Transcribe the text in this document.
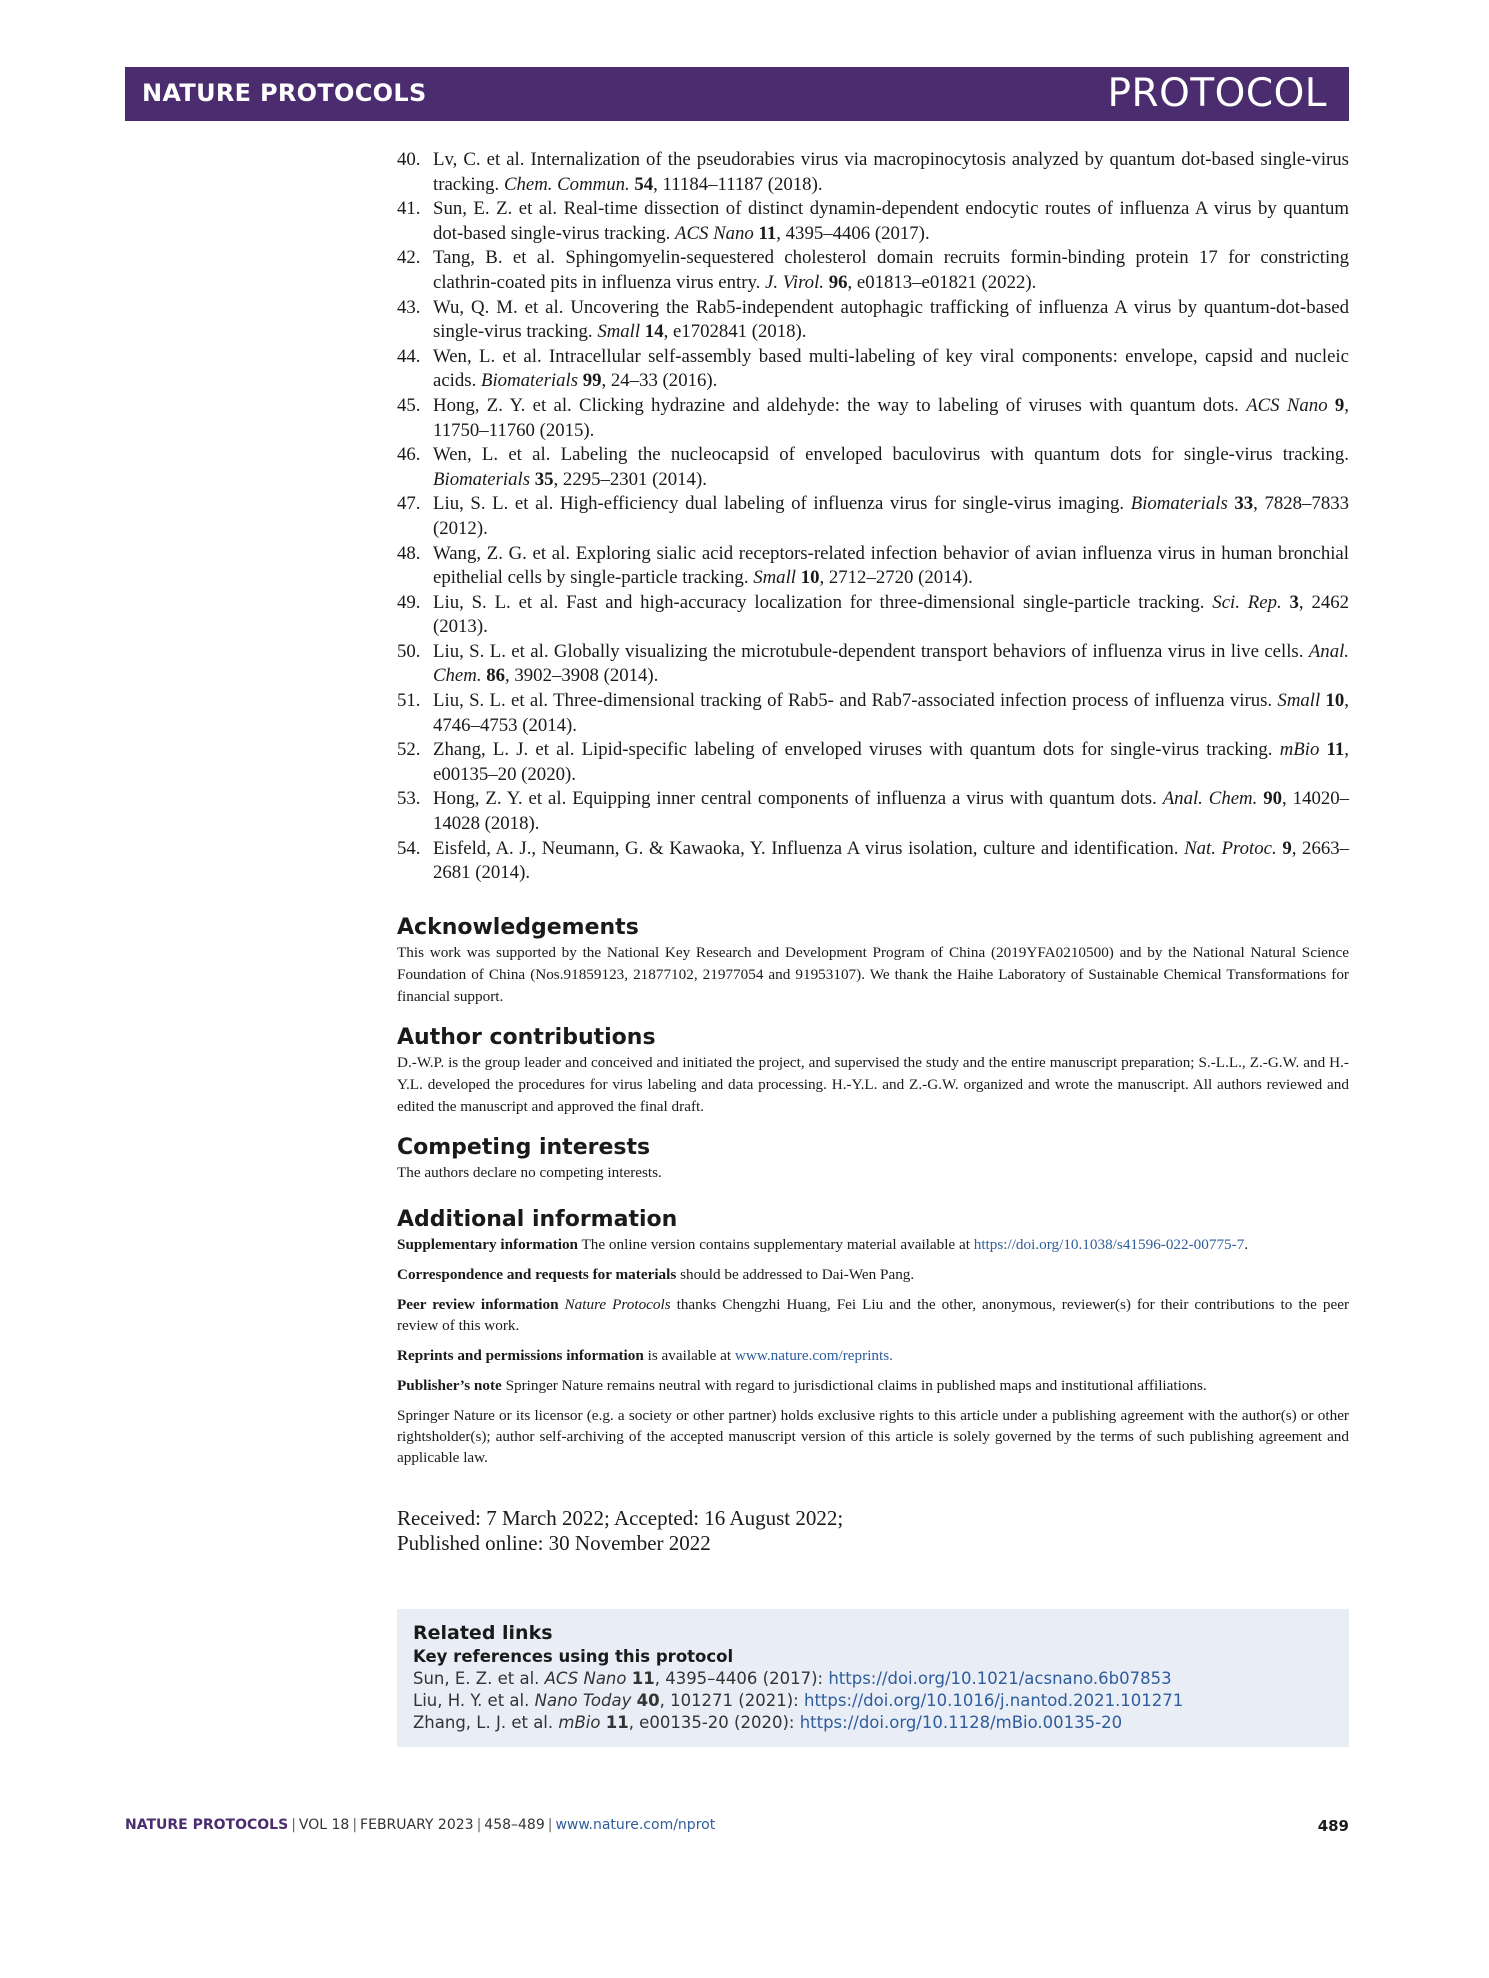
NATURE PROTOCOLS	PROTOCOL
40. Lv, C. et al. Internalization of the pseudorabies virus via macropinocytosis analyzed by quantum dot-based single-virus tracking. Chem. Commun. 54, 11184–11187 (2018).
41. Sun, E. Z. et al. Real-time dissection of distinct dynamin-dependent endocytic routes of influenza A virus by quantum dot-based single-virus tracking. ACS Nano 11, 4395–4406 (2017).
42. Tang, B. et al. Sphingomyelin-sequestered cholesterol domain recruits formin-binding protein 17 for constricting clathrin-coated pits in influenza virus entry. J. Virol. 96, e01813–e01821 (2022).
43. Wu, Q. M. et al. Uncovering the Rab5-independent autophagic trafficking of influenza A virus by quantum-dot-based single-virus tracking. Small 14, e1702841 (2018).
44. Wen, L. et al. Intracellular self-assembly based multi-labeling of key viral components: envelope, capsid and nucleic acids. Biomaterials 99, 24–33 (2016).
45. Hong, Z. Y. et al. Clicking hydrazine and aldehyde: the way to labeling of viruses with quantum dots. ACS Nano 9, 11750–11760 (2015).
46. Wen, L. et al. Labeling the nucleocapsid of enveloped baculovirus with quantum dots for single-virus tracking. Biomaterials 35, 2295–2301 (2014).
47. Liu, S. L. et al. High-efficiency dual labeling of influenza virus for single-virus imaging. Biomaterials 33, 7828–7833 (2012).
48. Wang, Z. G. et al. Exploring sialic acid receptors-related infection behavior of avian influenza virus in human bronchial epithelial cells by single-particle tracking. Small 10, 2712–2720 (2014).
49. Liu, S. L. et al. Fast and high-accuracy localization for three-dimensional single-particle tracking. Sci. Rep. 3, 2462 (2013).
50. Liu, S. L. et al. Globally visualizing the microtubule-dependent transport behaviors of influenza virus in live cells. Anal. Chem. 86, 3902–3908 (2014).
51. Liu, S. L. et al. Three-dimensional tracking of Rab5- and Rab7-associated infection process of influenza virus. Small 10, 4746–4753 (2014).
52. Zhang, L. J. et al. Lipid-specific labeling of enveloped viruses with quantum dots for single-virus tracking. mBio 11, e00135–20 (2020).
53. Hong, Z. Y. et al. Equipping inner central components of influenza a virus with quantum dots. Anal. Chem. 90, 14020–14028 (2018).
54. Eisfeld, A. J., Neumann, G. & Kawaoka, Y. Influenza A virus isolation, culture and identification. Nat. Protoc. 9, 2663–2681 (2014).
Acknowledgements

This work was supported by the National Key Research and Development Program of China (2019YFA0210500) and by the National Natural Science Foundation of China (Nos.91859123, 21877102, 21977054 and 91953107). We thank the Haihe Laboratory of Sustainable Chemical Transformations for financial support.

Author contributions

D.-W.P. is the group leader and conceived and initiated the project, and supervised the study and the entire manuscript preparation; S.-L.L., Z.-G.W. and H.-Y.L. developed the procedures for virus labeling and data processing. H.-Y.L. and Z.-G.W. organized and wrote the manuscript. All authors reviewed and edited the manuscript and approved the final draft.

Competing interests

The authors declare no competing interests.

Additional information

Supplementary information The online version contains supplementary material available at https://doi.org/10.1038/s41596-022-00775-7.

Correspondence and requests for materials should be addressed to Dai-Wen Pang.

Peer review information Nature Protocols thanks Chengzhi Huang, Fei Liu and the other, anonymous, reviewer(s) for their contributions to the peer review of this work.

Reprints and permissions information is available at www.nature.com/reprints.

Publisher’s note Springer Nature remains neutral with regard to jurisdictional claims in published maps and institutional affiliations.

Springer Nature or its licensor (e.g. a society or other partner) holds exclusive rights to this article under a publishing agreement with the author(s) or other rightsholder(s); author self-archiving of the accepted manuscript version of this article is solely governed by the terms of such publishing agreement and applicable law.

Received: 7 March 2022; Accepted: 16 August 2022;
Published online: 30 November 2022
Related links
Key references using this protocol
Sun, E. Z. et al. ACS Nano 11, 4395–4406 (2017): https://doi.org/10.1021/acsnano.6b07853
Liu, H. Y. et al. Nano Today 40, 101271 (2021): https://doi.org/10.1016/j.nantod.2021.101271
Zhang, L. J. et al. mBio 11, e00135-20 (2020): https://doi.org/10.1128/mBio.00135-20
NATURE PROTOCOLS | VOL 18 | FEBRUARY 2023 | 458–489 | www.nature.com/nprot	489
